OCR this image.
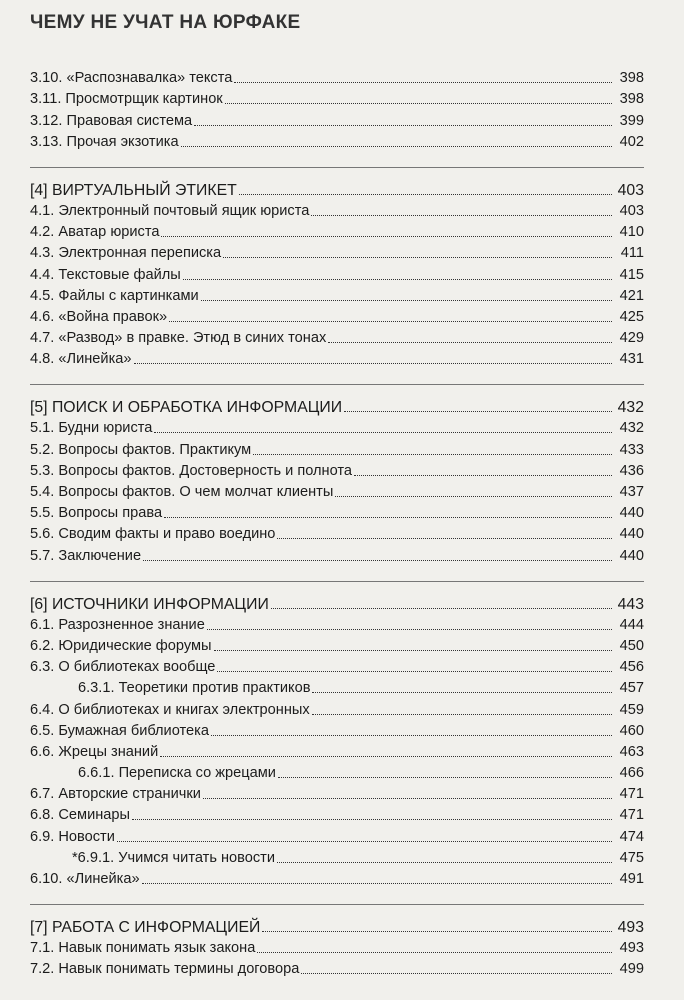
ЧЕМУ НЕ УЧАТ НА ЮРФАКЕ
3.10. «Распознавалка» текста	398
3.11. Просмотрщик картинок	398
3.12. Правовая система	399
3.13. Прочая экзотика	402
[4] ВИРТУАЛЬНЫЙ ЭТИКЕТ	403
4.1. Электронный почтовый ящик юриста	403
4.2. Аватар юриста	410
4.3. Электронная переписка	411
4.4. Текстовые файлы	415
4.5. Файлы с картинками	421
4.6. «Война правок»	425
4.7. «Развод» в правке. Этюд в синих тонах	429
4.8. «Линейка»	431
[5] ПОИСК И ОБРАБОТКА ИНФОРМАЦИИ	432
5.1. Будни юриста	432
5.2. Вопросы фактов. Практикум	433
5.3. Вопросы фактов. Достоверность и полнота	436
5.4. Вопросы фактов. О чем молчат клиенты	437
5.5. Вопросы права	440
5.6. Сводим факты и право воедино	440
5.7. Заключение	440
[6] ИСТОЧНИКИ ИНФОРМАЦИИ	443
6.1. Разрозненное знание	444
6.2. Юридические форумы	450
6.3. О библиотеках вообще	456
6.3.1. Теоретики против практиков	457
6.4. О библиотеках и книгах электронных	459
6.5. Бумажная библиотека	460
6.6. Жрецы знаний	463
6.6.1. Переписка со жрецами	466
6.7. Авторские странички	471
6.8. Семинары	471
6.9. Новости	474
*6.9.1. Учимся читать новости	475
6.10. «Линейка»	491
[7] РАБОТА С ИНФОРМАЦИЕЙ	493
7.1. Навык понимать язык закона	493
7.2. Навык понимать термины договора	499
